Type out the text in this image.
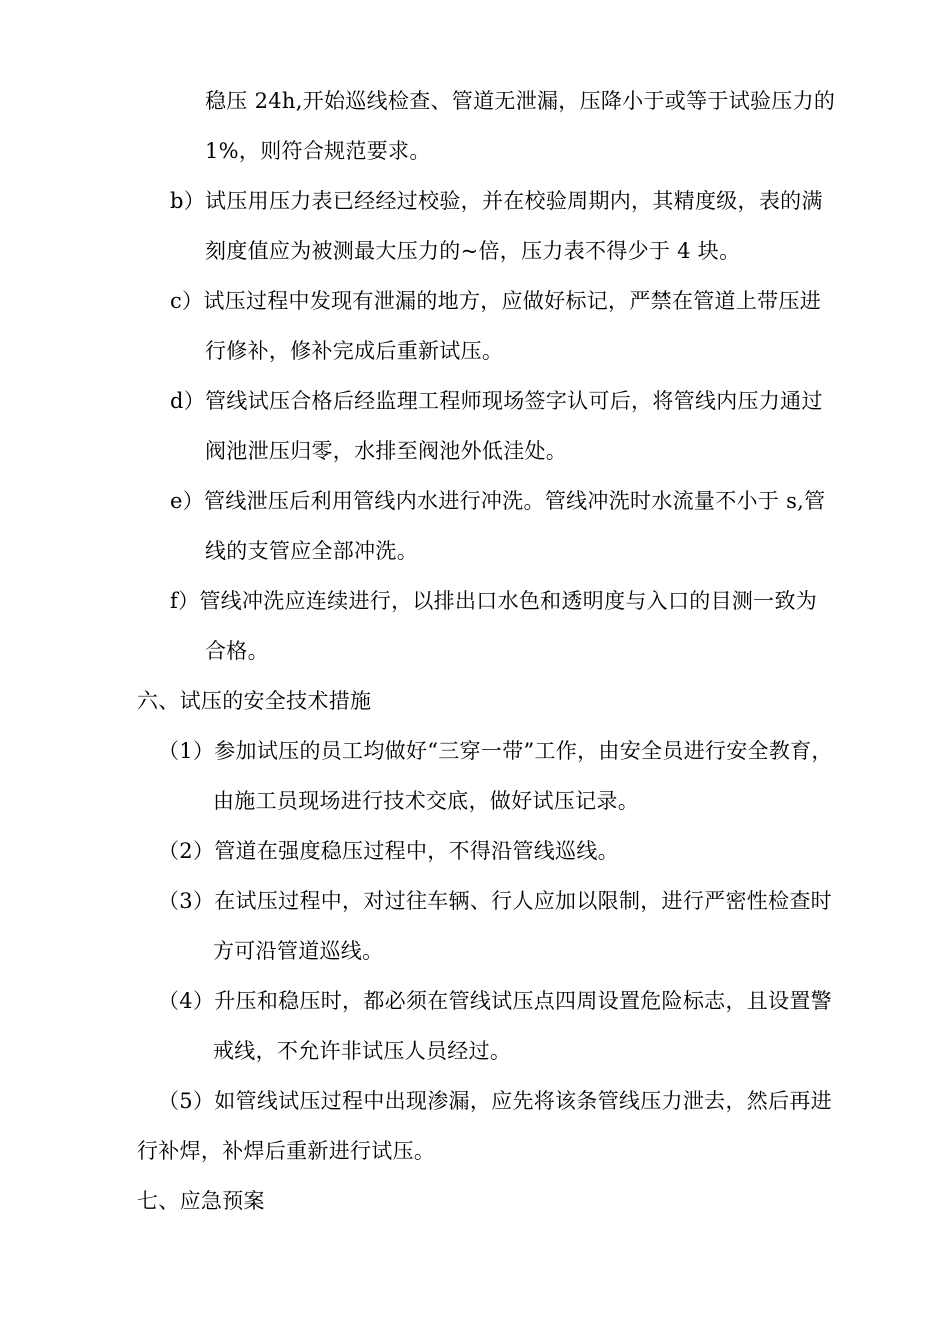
稳压 24h,开始巡线检查、管道无泄漏，压降小于或等于试验压力的
1%，则符合规范要求。
b）试压用压力表已经经过校验，并在校验周期内，其精度级，表的满
刻度值应为被测最大压力的~倍，压力表不得少于 4 块。
c）试压过程中发现有泄漏的地方，应做好标记，严禁在管道上带压进
行修补，修补完成后重新试压。
d）管线试压合格后经监理工程师现场签字认可后，将管线内压力通过
阀池泄压归零，水排至阀池外低洼处。
e）管线泄压后利用管线内水进行冲洗。管线冲洗时水流量不小于 s,管
线的支管应全部冲洗。
f）管线冲洗应连续进行，以排出口水色和透明度与入口的目测一致为
合格。
六、试压的安全技术措施
（1）参加试压的员工均做好“三穿一带”工作，由安全员进行安全教育，
由施工员现场进行技术交底，做好试压记录。
（2）管道在强度稳压过程中，不得沿管线巡线。
（3）在试压过程中，对过往车辆、行人应加以限制，进行严密性检查时
方可沿管道巡线。
（4）升压和稳压时，都必须在管线试压点四周设置危险标志，且设置警
戒线，不允许非试压人员经过。
（5）如管线试压过程中出现渗漏，应先将该条管线压力泄去，然后再进
行补焊，补焊后重新进行试压。
七、应急预案
